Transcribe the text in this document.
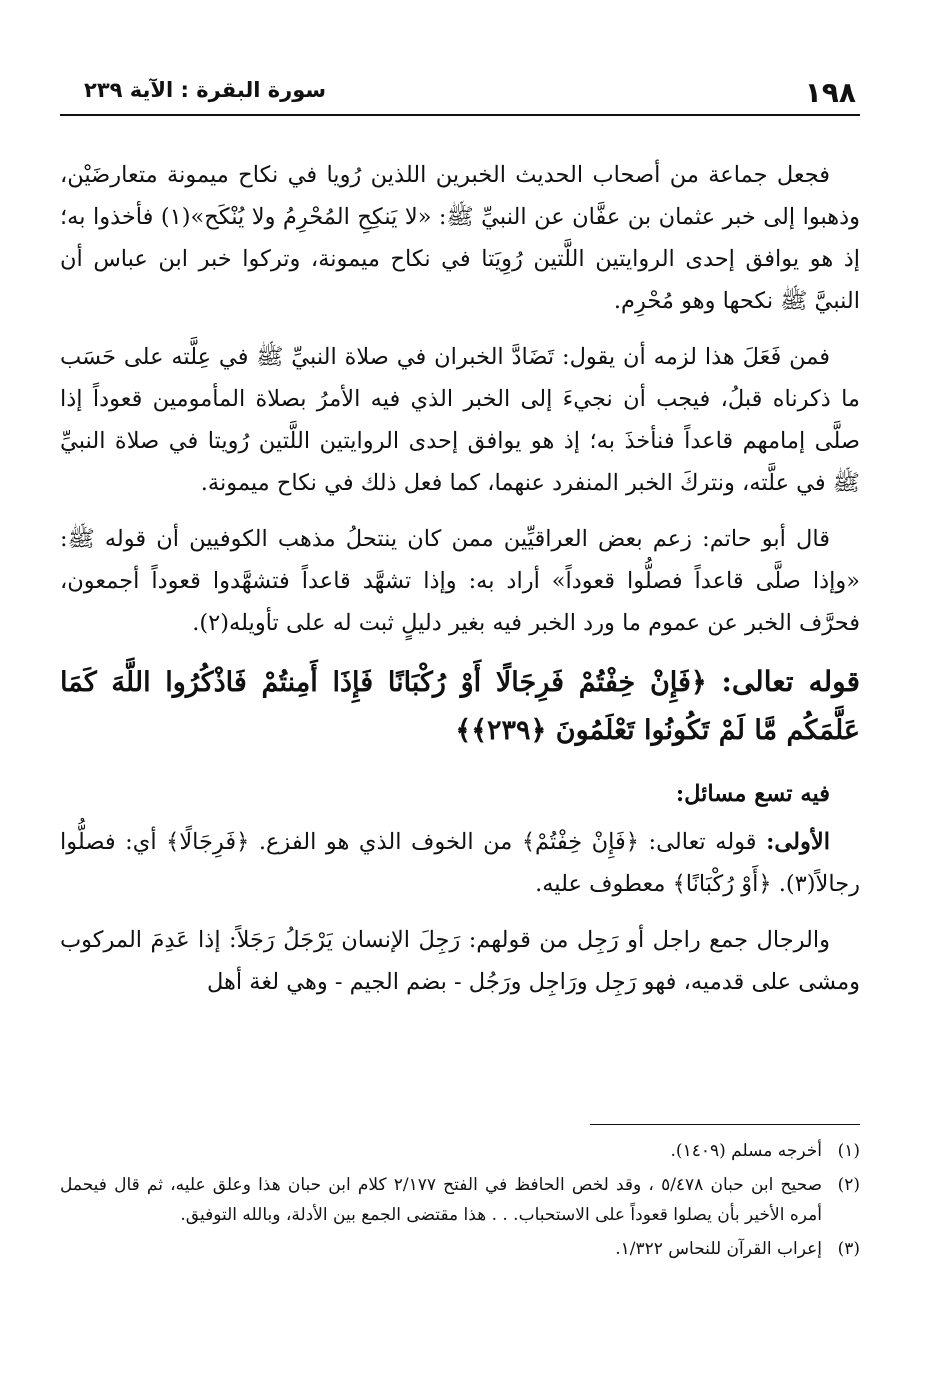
١٩٨
سورة البقرة : الآية ٢٣٩

فجعل جماعة من أصحاب الحديث الخبرين اللذين رُويا في نكاح ميمونة متعارضَيْن، وذهبوا إلى خبر عثمان بن عفَّان عن النبيِّ ﷺ: «لا يَنكِحِ المُحْرِمُ ولا يُنْكَح»(١) فأخذوا به؛ إذ هو يوافق إحدى الروايتين اللَّتين رُوِيَتا في نكاح ميمونة، وتركوا خبر ابن عباس أن النبيَّ ﷺ نكحها وهو مُحْرِم.

فمن فَعَلَ هذا لزمه أن يقول: تَضَادَّ الخبران في صلاة النبيِّ ﷺ في عِلَّته على حَسَب ما ذكرناه قبلُ، فيجب أن نجيءَ إلى الخبر الذي فيه الأمرُ بصلاة المأمومين قعوداً إذا صلَّى إمامهم قاعداً فنأخذَ به؛ إذ هو يوافق إحدى الروايتين اللَّتين رُويتا في صلاة النبيِّ ﷺ في علَّته، ونتركَ الخبر المنفرد عنهما، كما فعل ذلك في نكاح ميمونة.

قال أبو حاتم: زعم بعض العراقيِّين ممن كان ينتحلُ مذهب الكوفيين أن قوله ﷺ: «وإذا صلَّى قاعداً فصلُّوا قعوداً» أراد به: وإذا تشهَّد قاعداً فتشهَّدوا قعوداً أجمعون، فحرَّف الخبر عن عموم ما ورد الخبر فيه بغير دليلٍ ثبت له على تأويله(٢).

قوله تعالى: ﴿فَإِنْ خِفْتُمْ فَرِجَالًا أَوْ رُكْبَانًا فَإِذَا أَمِنتُمْ فَاذْكُرُوا اللَّهَ كَمَا عَلَّمَكُم مَّا لَمْ تَكُونُوا تَعْلَمُونَ ﴿٢٣٩﴾﴾

فيه تسع مسائل:

الأولى: قوله تعالى: ﴿فَإِنْ خِفْتُمْ﴾ من الخوف الذي هو الفزع. ﴿فَرِجَالًا﴾ أي: فصلُّوا رجالاً(٣). ﴿أَوْ رُكْبَانًا﴾ معطوف عليه.

والرجال جمع راجل أو رَجِل من قولهم: رَجِلَ الإنسان يَرْجَلُ رَجَلاً: إذا عَدِمَ المركوب ومشى على قدميه، فهو رَجِل ورَاجِل ورَجُل - بضم الجيم - وهي لغة أهل

(١)
أخرجه مسلم (١٤٠٩).
(٢)
صحيح ابن حبان ٥/٤٧٨ ، وقد لخص الحافظ في الفتح ٢/١٧٧ كلام ابن حبان هذا وعلق عليه، ثم قال فيحمل أمره الأخير بأن يصلوا قعوداً على الاستحباب. . . هذا مقتضى الجمع بين الأدلة، وبالله التوفيق.
(٣)
إعراب القرآن للنحاس ١/٣٢٢.
